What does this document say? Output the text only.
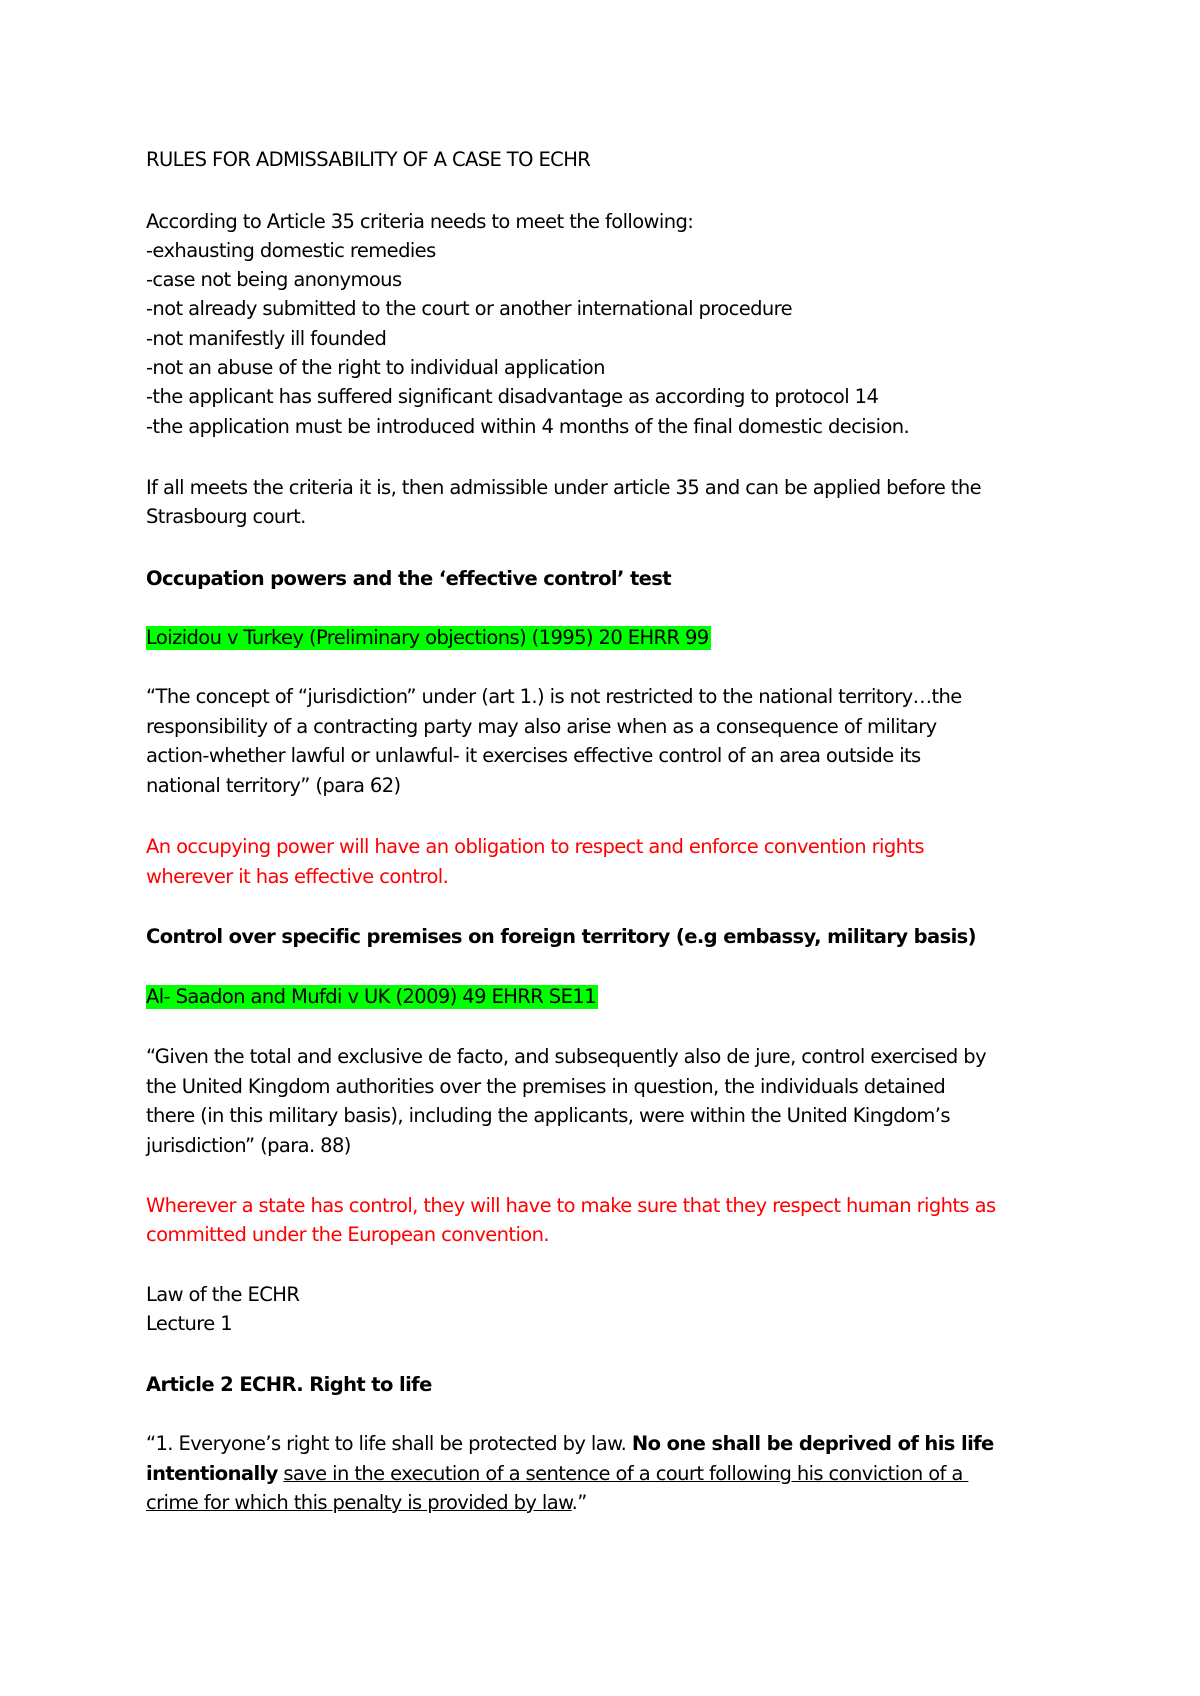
RULES FOR ADMISSABILITY OF A CASE TO ECHR
According to Article 35 criteria needs to meet the following:
-exhausting domestic remedies
-case not being anonymous
-not already submitted to the court or another international procedure
-not manifestly ill founded
-not an abuse of the right to individual application
-the applicant has suffered significant disadvantage as according to protocol 14
-the application must be introduced within 4 months of the final domestic decision.
If all meets the criteria it is, then admissible under article 35 and can be applied before the
Strasbourg court.
Occupation powers and the ‘effective control’ test
Loizidou v Turkey (Preliminary objections) (1995) 20 EHRR 99
“The concept of “jurisdiction” under (art 1.) is not restricted to the national territory…the
responsibility of a contracting party may also arise when as a consequence of military
action-whether lawful or unlawful- it exercises effective control of an area outside its
national territory” (para 62)
An occupying power will have an obligation to respect and enforce convention rights
wherever it has effective control.
Control over specific premises on foreign territory (e.g embassy, military basis)
Al- Saadon and Mufdi v UK (2009) 49 EHRR SE11
“Given the total and exclusive de facto, and subsequently also de jure, control exercised by
the United Kingdom authorities over the premises in question, the individuals detained
there (in this military basis), including the applicants, were within the United Kingdom’s
jurisdiction” (para. 88)
Wherever a state has control, they will have to make sure that they respect human rights as
committed under the European convention.
Law of the ECHR
Lecture 1
Article 2 ECHR. Right to life
“1. Everyone’s right to life shall be protected by law. No one shall be deprived of his life
intentionally save in the execution of a sentence of a court following his conviction of a
crime for which this penalty is provided by law.”
